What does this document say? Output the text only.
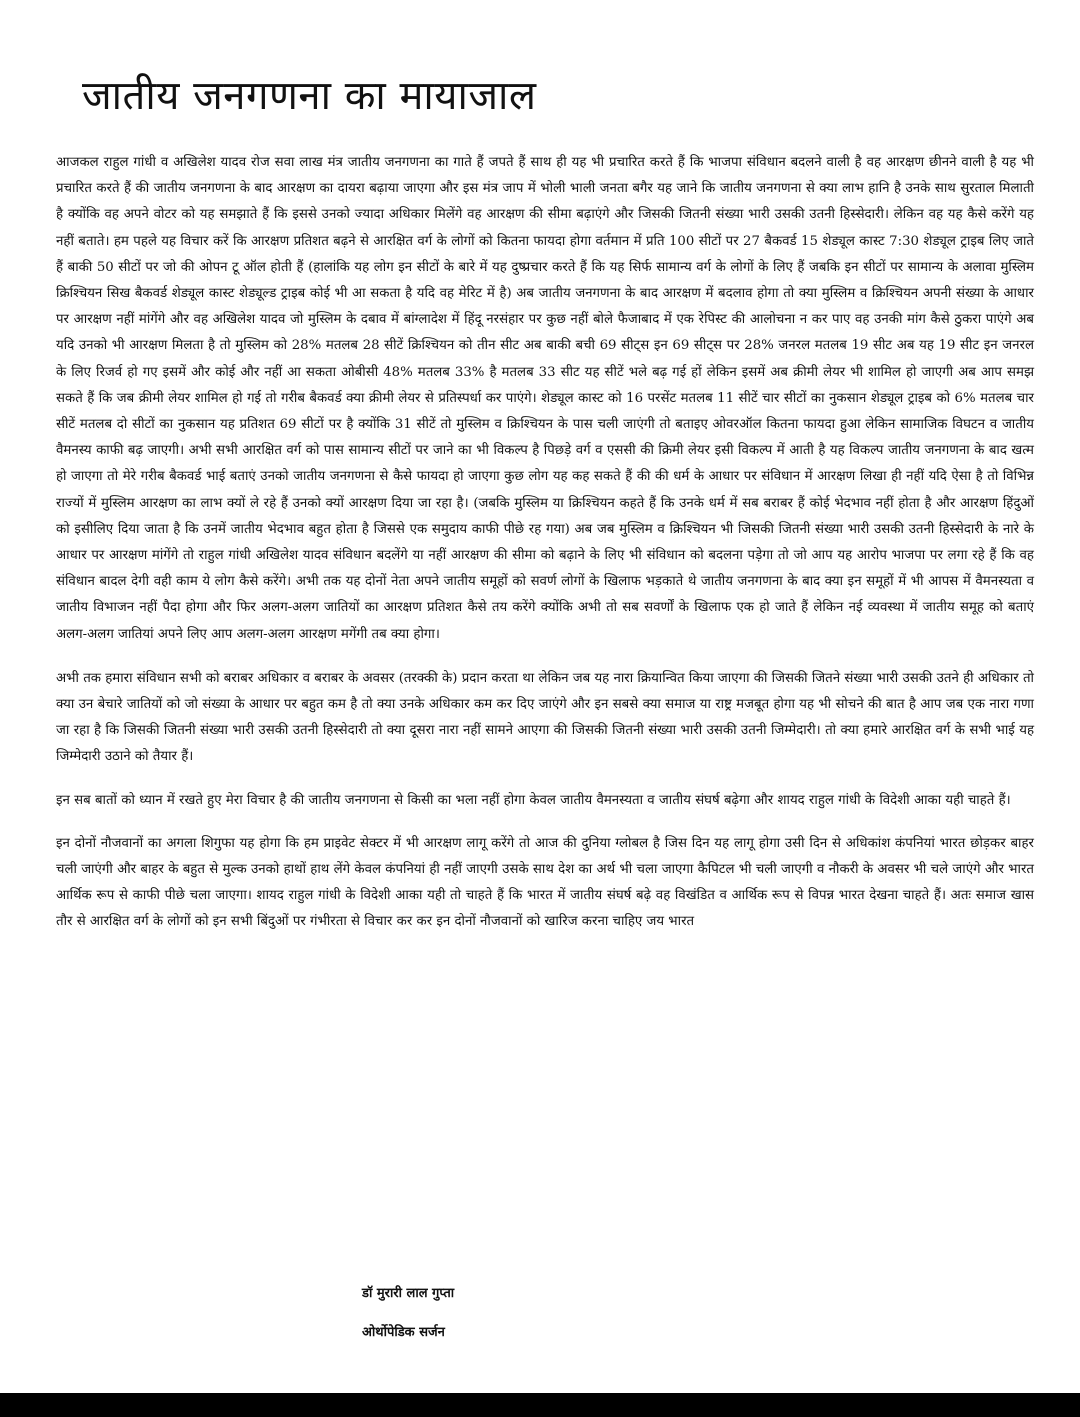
जातीय जनगणना का मायाजाल

आजकल राहुल गांधी व अखिलेश यादव रोज सवा लाख मंत्र जातीय जनगणना का गाते हैं जपते हैं साथ ही यह भी प्रचारित करते हैं कि भाजपा संविधान बदलने वाली है वह आरक्षण छीनने वाली है यह भी प्रचारित करते हैं की जातीय जनगणना के बाद आरक्षण का दायरा बढ़ाया जाएगा और इस मंत्र जाप में भोली भाली जनता बगैर यह जाने कि जातीय जनगणना से क्या लाभ हानि है उनके साथ सुरताल मिलाती है क्योंकि वह अपने वोटर को यह समझाते हैं कि इससे उनको ज्यादा अधिकार मिलेंगे वह आरक्षण की सीमा बढ़ाएंगे और जिसकी जितनी संख्या भारी उसकी उतनी हिस्सेदारी। लेकिन वह यह कैसे करेंगे यह नहीं बताते। हम पहले यह विचार करें कि आरक्षण प्रतिशत बढ़ने से आरक्षित वर्ग के लोगों को कितना फायदा होगा वर्तमान में प्रति 100 सीटों पर 27 बैकवर्ड 15 शेड्यूल कास्ट 7:30 शेड्यूल ट्राइब लिए जाते हैं बाकी 50 सीटों पर जो की ओपन टू ऑल होती हैं (हालांकि यह लोग इन सीटों के बारे में यह दुष्प्रचार करते हैं कि यह सिर्फ सामान्य वर्ग के लोगों के लिए हैं जबकि इन सीटों पर सामान्य के अलावा मुस्लिम क्रिश्चियन सिख बैकवर्ड शेड्यूल कास्ट शेड्यूल्ड ट्राइब कोई भी आ सकता है यदि वह मेरिट में है) अब जातीय जनगणना के बाद आरक्षण में बदलाव होगा तो क्या मुस्लिम व क्रिश्चियन अपनी संख्या के आधार पर आरक्षण नहीं मांगेंगे और वह अखिलेश यादव जो मुस्लिम के दबाव में बांग्लादेश में हिंदू नरसंहार पर कुछ नहीं बोले फैजाबाद में एक रेपिस्ट की आलोचना न कर पाए वह उनकी मांग कैसे ठुकरा पाएंगे अब यदि उनको भी आरक्षण मिलता है तो मुस्लिम को 28% मतलब 28 सीटें क्रिश्चियन को तीन सीट अब बाकी बची 69 सीट्स इन 69 सीट्स पर 28% जनरल मतलब 19 सीट अब यह 19 सीट इन जनरल के लिए रिजर्व हो गए इसमें और कोई और नहीं आ सकता ओबीसी 48% मतलब 33% है मतलब 33 सीट यह सीटें भले बढ़ गई हों लेकिन इसमें अब क्रीमी लेयर भी शामिल हो जाएगी अब आप समझ सकते हैं कि जब क्रीमी लेयर शामिल हो गई तो गरीब बैकवर्ड क्या क्रीमी लेयर से प्रतिस्पर्धा कर पाएंगे। शेड्यूल कास्ट को 16 परसेंट मतलब 11 सीटें चार सीटों का नुकसान शेड्यूल ट्राइब को 6% मतलब चार सीटें मतलब दो सीटों का नुकसान यह प्रतिशत 69 सीटों पर है क्योंकि 31 सीटें तो मुस्लिम व क्रिश्चियन के पास चली जाएंगी तो बताइए ओवरऑल कितना फायदा हुआ लेकिन सामाजिक विघटन व जातीय वैमनस्य काफी बढ़ जाएगी। अभी सभी आरक्षित वर्ग को पास सामान्य सीटों पर जाने का भी विकल्प है पिछड़े वर्ग व एससी की क्रिमी लेयर इसी विकल्प में आती है यह विकल्प जातीय जनगणना के बाद खत्म हो जाएगा तो मेरे गरीब बैकवर्ड भाई बताएं उनको जातीय जनगणना से कैसे फायदा हो जाएगा कुछ लोग यह कह सकते हैं की की धर्म के आधार पर संविधान में आरक्षण लिखा ही नहीं यदि ऐसा है तो विभिन्न राज्यों में मुस्लिम आरक्षण का लाभ क्यों ले रहे हैं उनको क्यों आरक्षण दिया जा रहा है। (जबकि मुस्लिम या क्रिश्चियन कहते हैं कि उनके धर्म में सब बराबर हैं कोई भेदभाव नहीं होता है और आरक्षण हिंदुओं को इसीलिए दिया जाता है कि उनमें जातीय भेदभाव बहुत होता है जिससे एक समुदाय काफी पीछे रह गया) अब जब मुस्लिम व क्रिश्चियन भी जिसकी जितनी संख्या भारी उसकी उतनी हिस्सेदारी के नारे के आधार पर आरक्षण मांगेंगे तो राहुल गांधी अखिलेश यादव संविधान बदलेंगे या नहीं आरक्षण की सीमा को बढ़ाने के लिए भी संविधान को बदलना पड़ेगा तो जो आप यह आरोप भाजपा पर लगा रहे हैं कि वह संविधान बादल देगी वही काम ये लोग कैसे करेंगे। अभी तक यह दोनों नेता अपने जातीय समूहों को सवर्ण लोगों के खिलाफ भड़काते थे जातीय जनगणना के बाद क्या इन समूहों में भी आपस में वैमनस्यता व जातीय विभाजन नहीं पैदा होगा और फिर अलग-अलग जातियों का आरक्षण प्रतिशत कैसे तय करेंगे क्योंकि अभी तो सब सवर्णों के खिलाफ एक हो जाते हैं लेकिन नई व्यवस्था में जातीय समूह को बताएं अलग-अलग जातियां अपने लिए आप अलग-अलग आरक्षण मगेंगी तब क्या होगा।

अभी तक हमारा संविधान सभी को बराबर अधिकार व बराबर के अवसर (तरक्की के) प्रदान करता था लेकिन जब यह नारा क्रियान्वित किया जाएगा की जिसकी जितने संख्या भारी उसकी उतने ही अधिकार तो क्या उन बेचारे जातियों को जो संख्या के आधार पर बहुत कम है तो क्या उनके अधिकार कम कर दिए जाएंगे और इन सबसे क्या समाज या राष्ट्र मजबूत होगा यह भी सोचने की बात है आप जब एक नारा गणा जा रहा है कि जिसकी जितनी संख्या भारी उसकी उतनी हिस्सेदारी तो क्या दूसरा नारा नहीं सामने आएगा की जिसकी जितनी संख्या भारी उसकी उतनी जिम्मेदारी। तो क्या हमारे आरक्षित वर्ग के सभी भाई यह जिम्मेदारी उठाने को तैयार हैं।

इन सब बातों को ध्यान में रखते हुए मेरा विचार है की जातीय जनगणना से किसी का भला नहीं होगा केवल जातीय वैमनस्यता व जातीय संघर्ष बढ़ेगा और शायद राहुल गांधी के विदेशी आका यही चाहते हैं।

इन दोनों नौजवानों का अगला शिगुफा यह होगा कि हम प्राइवेट सेक्टर में भी आरक्षण लागू करेंगे तो आज की दुनिया ग्लोबल है जिस दिन यह लागू होगा उसी दिन से अधिकांश कंपनियां भारत छोड़कर बाहर चली जाएंगी और बाहर के बहुत से मुल्क उनको हाथों हाथ लेंगे केवल कंपनियां ही नहीं जाएगी उसके साथ देश का अर्थ भी चला जाएगा कैपिटल भी चली जाएगी व नौकरी के अवसर भी चले जाएंगे और भारत आर्थिक रूप से काफी पीछे चला जाएगा। शायद राहुल गांधी के विदेशी आका यही तो चाहते हैं कि भारत में जातीय संघर्ष बढ़े वह विखंडित व आर्थिक रूप से विपन्न भारत देखना चाहते हैं। अतः समाज खास तौर से आरक्षित वर्ग के लोगों को इन सभी बिंदुओं पर गंभीरता से विचार कर कर इन दोनों नौजवानों को खारिज करना चाहिए जय भारत

डॉ मुरारी लाल गुप्ता
ओर्थोपेडिक सर्जन
